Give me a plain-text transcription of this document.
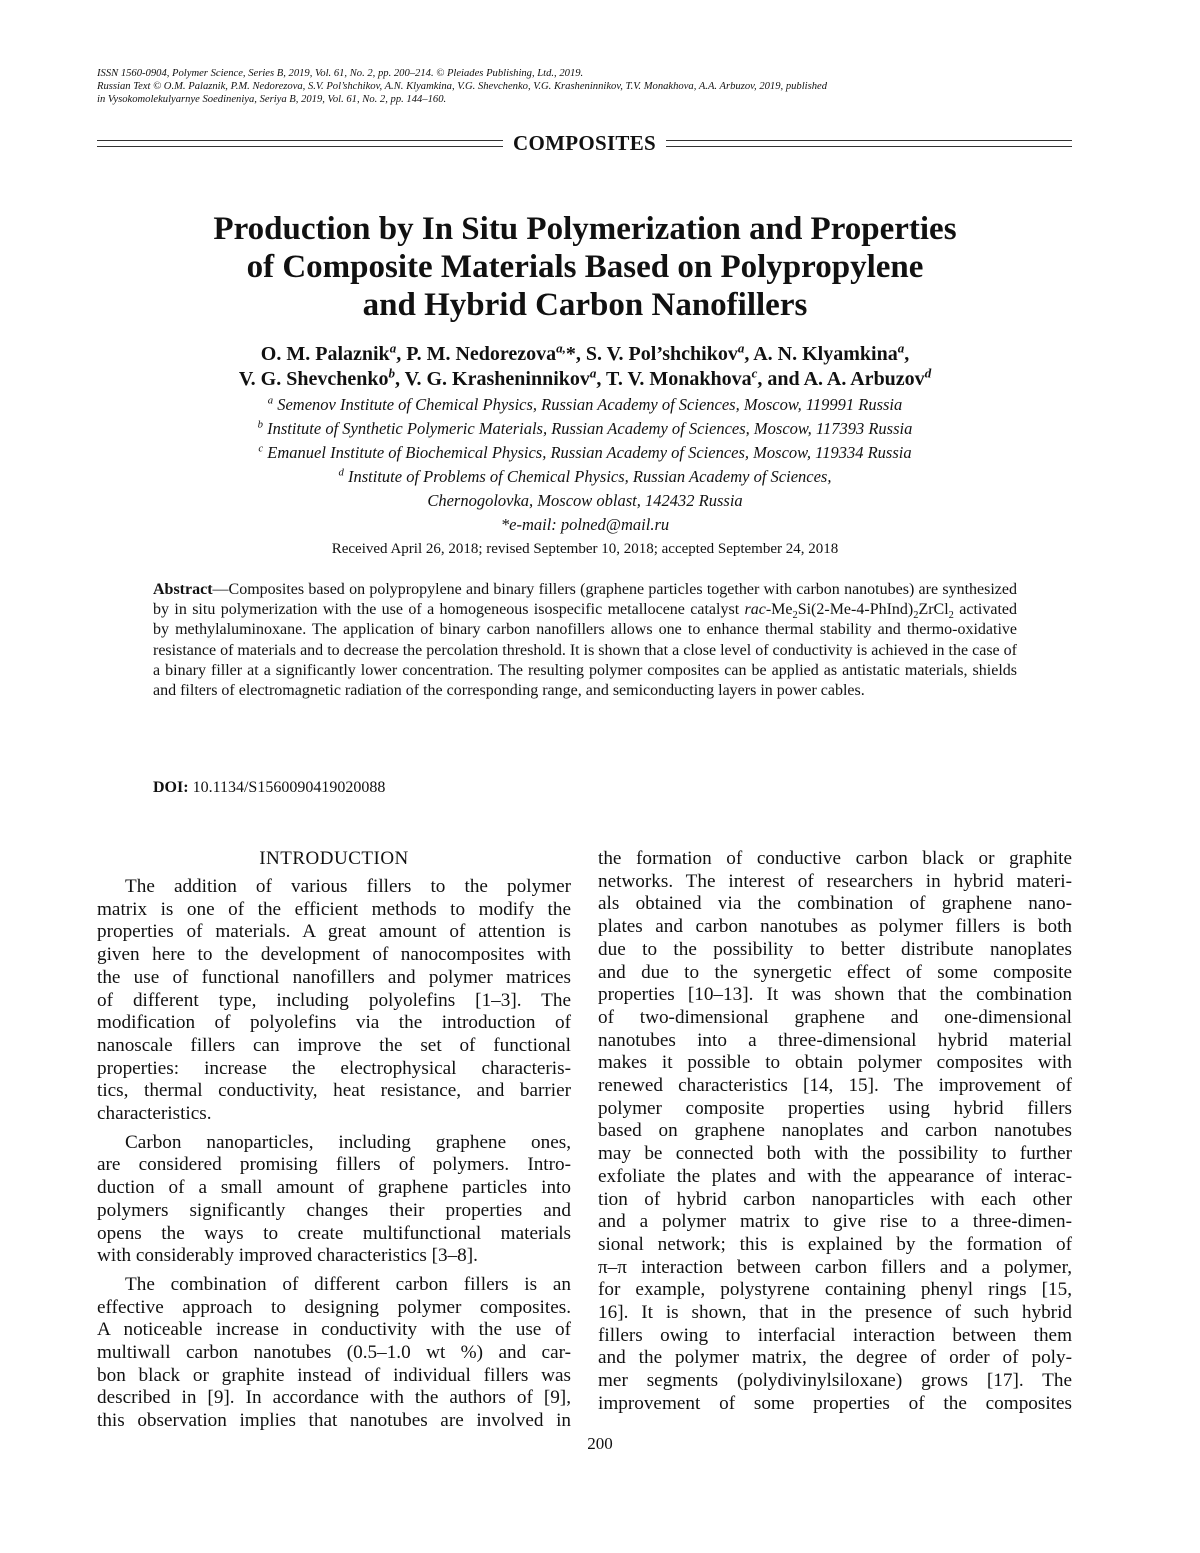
ISSN 1560-0904, Polymer Science, Series B, 2019, Vol. 61, No. 2, pp. 200–214. © Pleiades Publishing, Ltd., 2019.
Russian Text © O.M. Palaznik, P.M. Nedorezova, S.V. Pol’shchikov, A.N. Klyamkina, V.G. Shevchenko, V.G. Krasheninnikov, T.V. Monakhova, A.A. Arbuzov, 2019, published
in Vysokomolekulyarnye Soedineniya, Seriya B, 2019, Vol. 61, No. 2, pp. 144–160.
COMPOSITES
Production by In Situ Polymerization and Properties
of Composite Materials Based on Polypropylene
and Hybrid Carbon Nanofillers
O. M. Palaznik$^a$, P. M. Nedorezova$^{a,}$*, S. V. Pol’shchikov$^a$, A. N. Klyamkina$^a$,
V. G. Shevchenko$^b$, V. G. Krasheninnikov$^a$, T. V. Monakhova$^c$, and A. A. Arbuzov$^d$
$^a$ Semenov Institute of Chemical Physics, Russian Academy of Sciences, Moscow, 119991 Russia
$^b$ Institute of Synthetic Polymeric Materials, Russian Academy of Sciences, Moscow, 117393 Russia
$^c$ Emanuel Institute of Biochemical Physics, Russian Academy of Sciences, Moscow, 119334 Russia
$^d$ Institute of Problems of Chemical Physics, Russian Academy of Sciences,
Chernogolovka, Moscow oblast, 142432 Russia
*e-mail: polned@mail.ru
Received April 26, 2018; revised September 10, 2018; accepted September 24, 2018
Abstract—Composites based on polypropylene and binary fillers (graphene particles together with carbon nanotubes) are synthesized by in situ polymerization with the use of a homogeneous isospecific metallocene catalyst rac-$Me_2Si(2-Me-4-PhInd)_2ZrCl_2$ activated by methylaluminoxane. The application of binary carbon nanofillers allows one to enhance thermal stability and thermo-oxidative resistance of materials and to decrease the percolation threshold. It is shown that a close level of conductivity is achieved in the case of a binary filler at a significantly lower concentration. The resulting polymer composites can be applied as antistatic materials, shields and filters of electromagnetic radiation of the corresponding range, and semiconducting layers in power cables.
DOI: 10.1134/S1560090419020088
INTRODUCTION
The addition of various fillers to the polymer
matrix is one of the efficient methods to modify the
properties of materials. A great amount of attention is
given here to the development of nanocomposites with
the use of functional nanofillers and polymer matrices
of different type, including polyolefins [1–3]. The
modification of polyolefins via the introduction of
nanoscale fillers can improve the set of functional
properties: increase the electrophysical characteris-
tics, thermal conductivity, heat resistance, and barrier
characteristics.
Carbon nanoparticles, including graphene ones,
are considered promising fillers of polymers. Intro-
duction of a small amount of graphene particles into
polymers significantly changes their properties and
opens the ways to create multifunctional materials
with considerably improved characteristics [3–8].
The combination of different carbon fillers is an
effective approach to designing polymer composites.
A noticeable increase in conductivity with the use of
multiwall carbon nanotubes (0.5–1.0 wt %) and car-
bon black or graphite instead of individual fillers was
described in [9]. In accordance with the authors of [9],
this observation implies that nanotubes are involved in
the formation of conductive carbon black or graphite
networks. The interest of researchers in hybrid materi-
als obtained via the combination of graphene nano-
plates and carbon nanotubes as polymer fillers is both
due to the possibility to better distribute nanoplates
and due to the synergetic effect of some composite
properties [10–13]. It was shown that the combination
of two-dimensional graphene and one-dimensional
nanotubes into a three-dimensional hybrid material
makes it possible to obtain polymer composites with
renewed characteristics [14, 15]. The improvement of
polymer composite properties using hybrid fillers
based on graphene nanoplates and carbon nanotubes
may be connected both with the possibility to further
exfoliate the plates and with the appearance of interac-
tion of hybrid carbon nanoparticles with each other
and a polymer matrix to give rise to a three-dimen-
sional network; this is explained by the formation of
π–π interaction between carbon fillers and a polymer,
for example, polystyrene containing phenyl rings [15,
16]. It is shown, that in the presence of such hybrid
fillers owing to interfacial interaction between them
and the polymer matrix, the degree of order of poly-
mer segments (polydivinylsiloxane) grows [17]. The
improvement of some properties of the composites
200
